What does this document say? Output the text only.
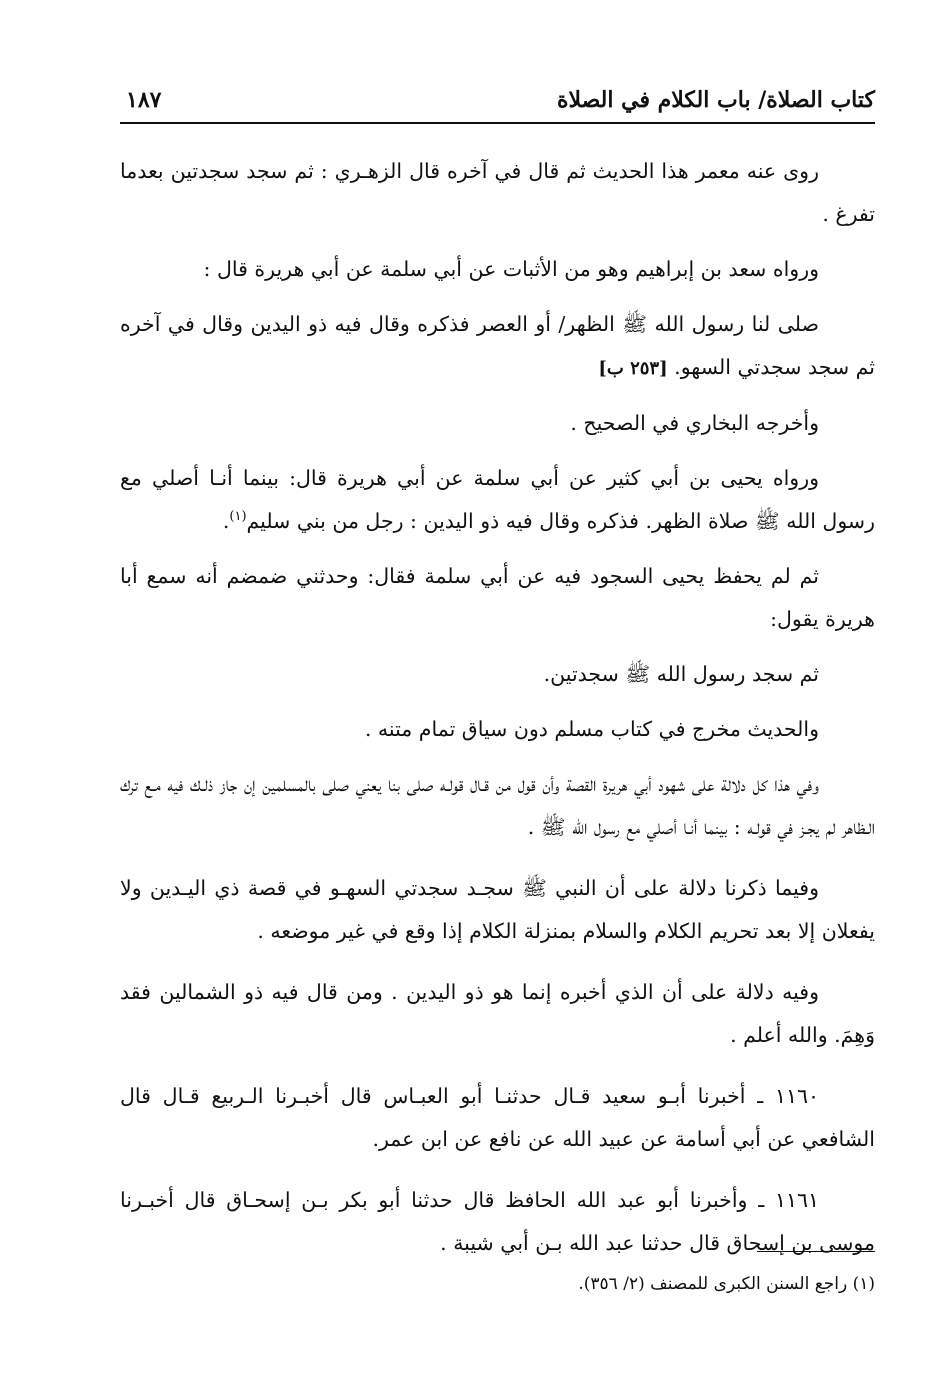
كتاب الصلاة/ باب الكلام في الصلاة
١٨٧

روى عنه معمر هذا الحديث ثم قال في آخره قال الزهـري : ثم سجد سجدتين بعدما تفرغ .

ورواه سعد بن إبراهيم وهو من الأثبات عن أبي سلمة عن أبي هريرة قال :

صلى لنا رسول الله ﷺ الظهر/ أو العصر فذكره وقال فيه ذو اليدين وقال في آخره ثم سجد سجدتي السهو. [٢٥٣ ب]

وأخرجه البخاري في الصحيح .

ورواه يحيى بن أبي كثير عن أبي سلمة عن أبي هريرة قال: بينما أنـا أصلي مع رسول الله ﷺ صلاة الظهر. فذكره وقال فيه ذو اليدين : رجل من بني سليم$^{(١)}$.

ثم لم يحفظ يحيى السجود فيه عن أبي سلمة فقال: وحدثني ضمضم أنه سمع أبا هريرة يقول:

ثم سجد رسول الله ﷺ سجدتين.

والحديث مخرج في كتاب مسلم دون سياق تمام متنه .

وفي هذا كل دلالة على شهود أبي هريرة القصة وأن قول من قـال قولـه صلى بنا يعني صلى بالمسلمين إن جاز ذلـك فيه مـع ترك الـظاهر لم يجـز في قولـه : بينما أنـا أصلي مع رسول الله ﷺ .

وفيما ذكرنا دلالة على أن النبي ﷺ سجـد سجدتي السهـو في قصة ذي اليـدين ولا يفعلان إلا بعد تحريم الكلام والسلام بمنزلة الكلام إذا وقع في غير موضعه .

وفيه دلالة على أن الذي أخبره إنما هو ذو اليدين . ومن قال فيه ذو الشمالين فقد وَهِمَ. والله أعلم .

١١٦٠ ـ أخبرنا أبـو سعيد قـال حدثنـا أبو العبـاس قال أخبـرنا الـربيع قـال قال الشافعي عن أبي أسامة عن عبيد الله عن نافع عن ابن عمر.

١١٦١ ـ وأخبرنا أبو عبد الله الحافظ قال حدثنا أبو بكر بـن إسحـاق قال أخبـرنا موسى بن إسحاق قال حدثنا عبد الله بـن أبي شيبة .

(١) راجع السنن الكبرى للمصنف (٢/ ٣٥٦).
